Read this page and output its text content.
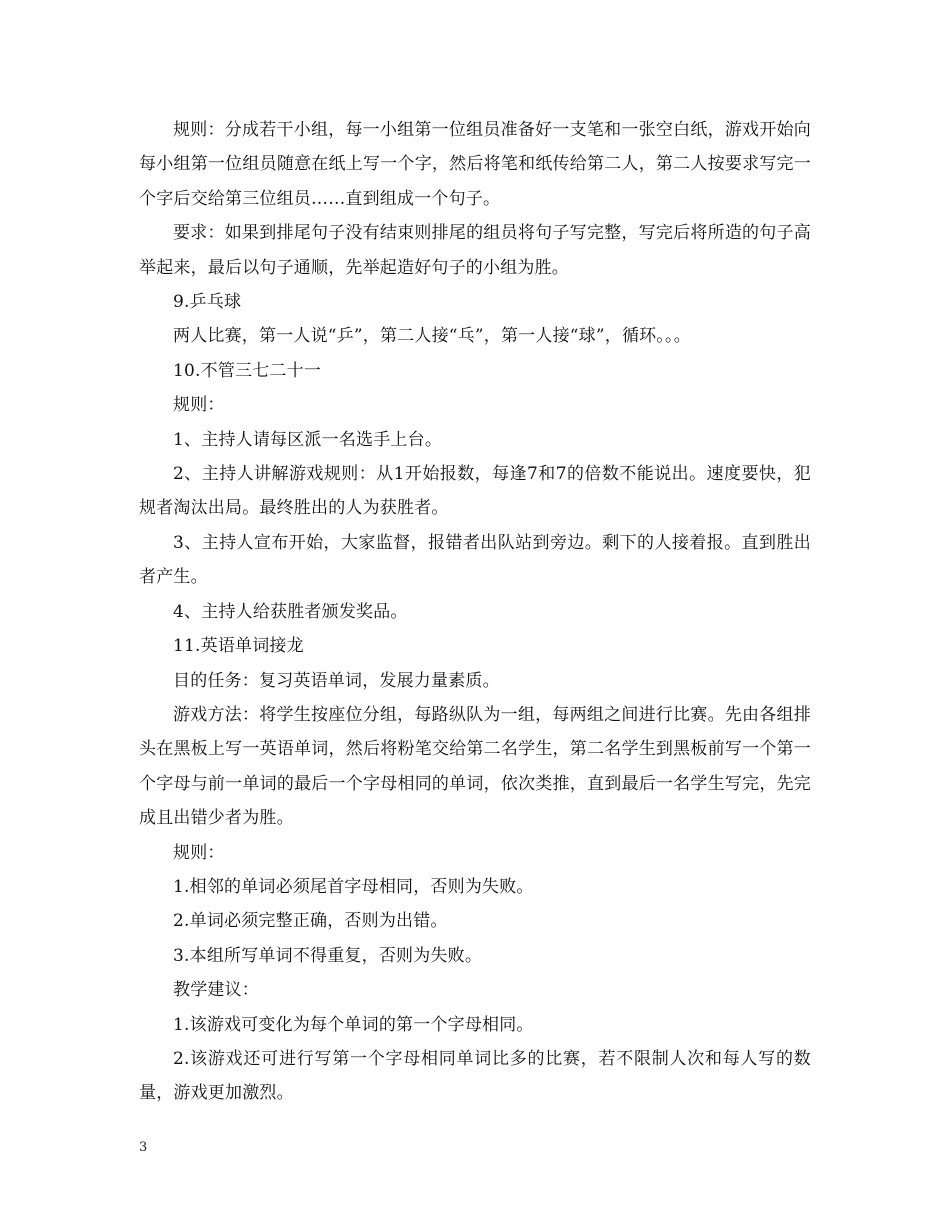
规则：分成若干小组，每一小组第一位组员准备好一支笔和一张空白纸，游戏开始向每小组第一位组员随意在纸上写一个字，然后将笔和纸传给第二人，第二人按要求写完一个字后交给第三位组员……直到组成一个句子。

要求：如果到排尾句子没有结束则排尾的组员将句子写完整，写完后将所造的句子高举起来，最后以句子通顺，先举起造好句子的小组为胜。

9.乒乓球

两人比赛，第一人说“乒”，第二人接“乓”，第一人接“球”，循环。。。

10.不管三七二十一

规则：

1、主持人请每区派一名选手上台。

2、主持人讲解游戏规则：从1开始报数，每逢7和7的倍数不能说出。速度要快，犯规者淘汰出局。最终胜出的人为获胜者。

3、主持人宣布开始，大家监督，报错者出队站到旁边。剩下的人接着报。直到胜出者产生。

4、主持人给获胜者颁发奖品。

11.英语单词接龙

目的任务：复习英语单词，发展力量素质。

游戏方法：将学生按座位分组，每路纵队为一组，每两组之间进行比赛。先由各组排头在黑板上写一英语单词，然后将粉笔交给第二名学生，第二名学生到黑板前写一个第一个字母与前一单词的最后一个字母相同的单词，依次类推，直到最后一名学生写完，先完成且出错少者为胜。

规则：

1.相邻的单词必须尾首字母相同，否则为失败。

2.单词必须完整正确，否则为出错。

3.本组所写单词不得重复，否则为失败。

教学建议：

1.该游戏可变化为每个单词的第一个字母相同。

2.该游戏还可进行写第一个字母相同单词比多的比赛，若不限制人次和每人写的数量，游戏更加激烈。

3
